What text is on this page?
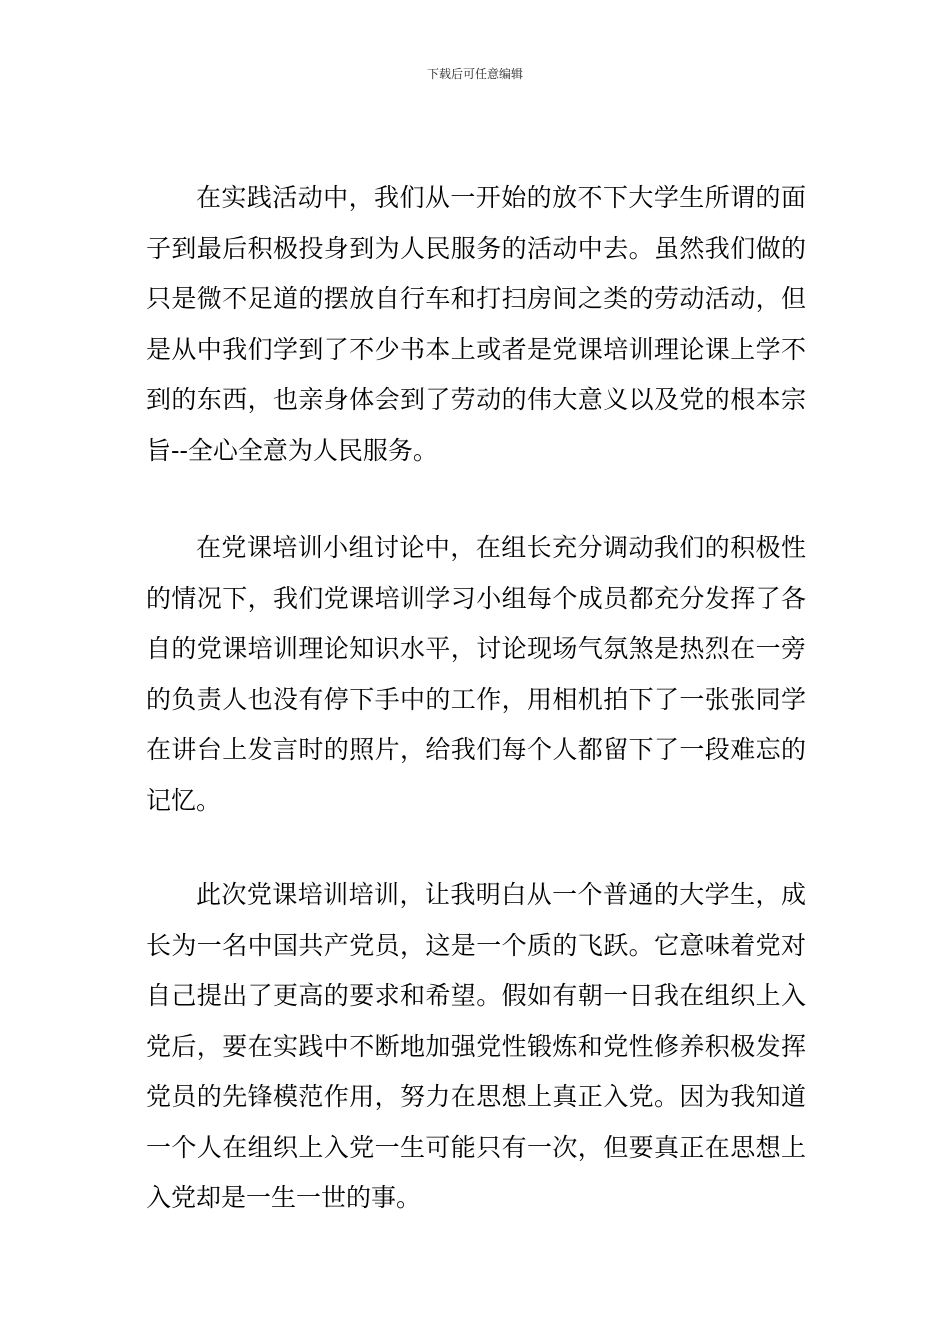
下载后可任意编辑

在实践活动中，我们从一开始的放不下大学生所谓的面子到最后积极投身到为人民服务的活动中去。虽然我们做的只是微不足道的摆放自行车和打扫房间之类的劳动活动，但是从中我们学到了不少书本上或者是党课培训理论课上学不到的东西，也亲身体会到了劳动的伟大意义以及党的根本宗旨--全心全意为人民服务。

在党课培训小组讨论中，在组长充分调动我们的积极性的情况下，我们党课培训学习小组每个成员都充分发挥了各自的党课培训理论知识水平，讨论现场气氛煞是热烈在一旁的负责人也没有停下手中的工作，用相机拍下了一张张同学在讲台上发言时的照片，给我们每个人都留下了一段难忘的记忆。

此次党课培训培训，让我明白从一个普通的大学生，成长为一名中国共产党员，这是一个质的飞跃。它意味着党对自己提出了更高的要求和希望。假如有朝一日我在组织上入党后，要在实践中不断地加强党性锻炼和党性修养积极发挥党员的先锋模范作用，努力在思想上真正入党。因为我知道一个人在组织上入党一生可能只有一次，但要真正在思想上入党却是一生一世的事。
